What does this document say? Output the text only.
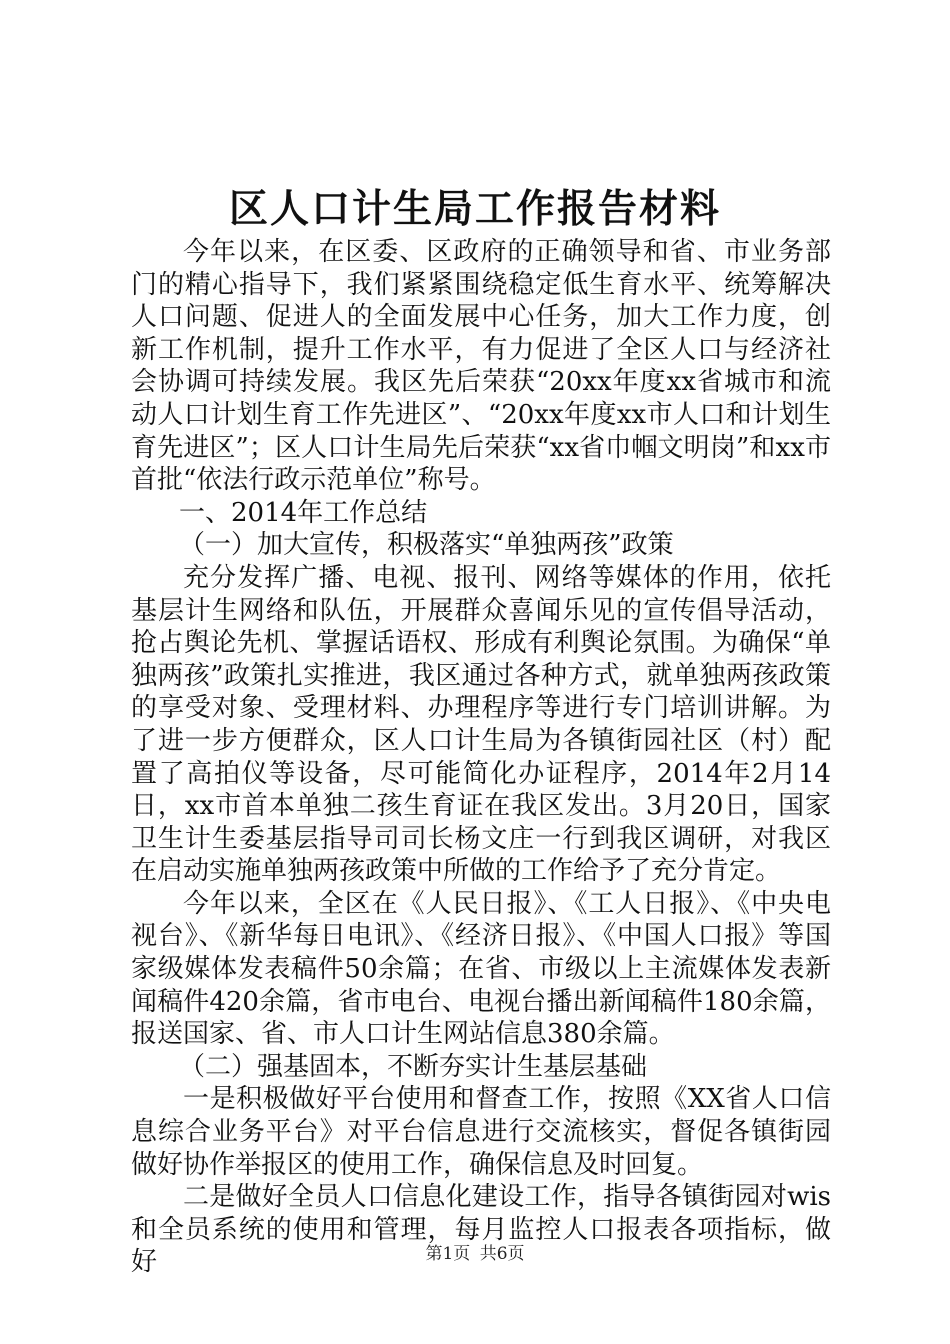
区人口计生局工作报告材料

今年以来，在区委、区政府的正确领导和省、市业务部门的精心指导下，我们紧紧围绕稳定低生育水平、统筹解决人口问题、促进人的全面发展中心任务，加大工作力度，创新工作机制，提升工作水平，有力促进了全区人口与经济社会协调可持续发展。我区先后荣获“20xx年度xx省城市和流动人口计划生育工作先进区”、“20xx年度xx市人口和计划生育先进区”；区人口计生局先后荣获“xx省巾帼文明岗”和xx市首批“依法行政示范单位”称号。

一、2014年工作总结

（一）加大宣传，积极落实“单独两孩”政策

充分发挥广播、电视、报刊、网络等媒体的作用，依托基层计生网络和队伍，开展群众喜闻乐见的宣传倡导活动，抢占舆论先机、掌握话语权、形成有利舆论氛围。为确保“单独两孩”政策扎实推进，我区通过各种方式，就单独两孩政策的享受对象、受理材料、办理程序等进行专门培训讲解。为了进一步方便群众，区人口计生局为各镇街园社区（村）配置了高拍仪等设备，尽可能简化办证程序，2014年2月14日，xx市首本单独二孩生育证在我区发出。3月20日，国家卫生计生委基层指导司司长杨文庄一行到我区调研，对我区在启动实施单独两孩政策中所做的工作给予了充分肯定。

今年以来，全区在《人民日报》、《工人日报》、《中央电视台》、《新华每日电讯》、《经济日报》、《中国人口报》等国家级媒体发表稿件50余篇；在省、市级以上主流媒体发表新闻稿件420余篇，省市电台、电视台播出新闻稿件180余篇，报送国家、省、市人口计生网站信息380余篇。

（二）强基固本，不断夯实计生基层基础

一是积极做好平台使用和督查工作，按照《XX省人口信息综合业务平台》对平台信息进行交流核实，督促各镇街园做好协作举报区的使用工作，确保信息及时回复。

二是做好全员人口信息化建设工作，指导各镇街园对wis和全员系统的使用和管理，每月监控人口报表各项指标，做好	第1页 共6页
